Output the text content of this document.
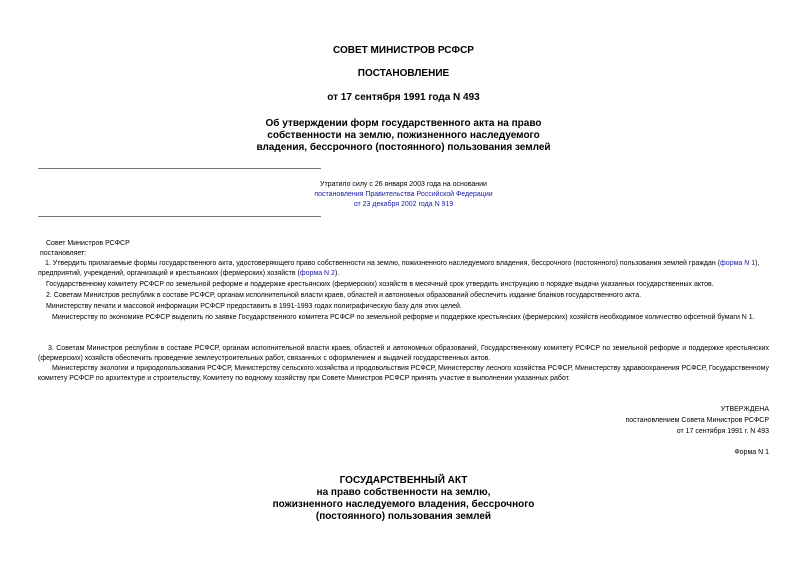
СОВЕТ МИНИСТРОВ РСФСР
ПОСТАНОВЛЕНИЕ
от 17 сентября 1991 года N 493
Об утверждении форм государственного акта на право
собственности на землю, пожизненного наследуемого
владения, бессрочного (постоянного) пользования землей
Утратило силу с 26 января 2003 года на основании
постановления Правительства Российской Федерации
от 23 декабря 2002 года N 919
Совет Министров РСФСР
постановляет:
1. Утвердить прилагаемые формы государственного акта, удостоверяющего право собственности на землю, пожизненного наследуемого владения, бессрочного (постоянного) пользования землей граждан (форма N 1), предприятий, учреждений, организаций и крестьянских (фермерских) хозяйств (форма N 2).
Государственному комитету РСФСР по земельной реформе и поддержке крестьянских (фермерских) хозяйств в месячный срок утвердить инструкцию о порядке выдачи указанных государственных актов.
2. Советам Министров республик в составе РСФСР, органам исполнительной власти краев, областей и автономных образований обеспечить издание бланков государственного акта.
Министерству печати и массовой информации РСФСР предоставить в 1991-1993 годах полиграфическую базу для этих целей.
Министерству по экономике РСФСР выделить по заявке Государственного комитета РСФСР по земельной реформе и поддержке крестьянских (фермерских) хозяйств необходимое количество офсетной бумаги N 1.
3. Советам Министров республик в составе РСФСР, органам исполнительной власти краев, областей и автономных образований, Государственному комитету РСФСР по земельной реформе и поддержке крестьянских (фермерских) хозяйств обеспечить проведение землеустроительных работ, связанных с оформлением и выдачей государственных актов.
Министерству экологии и природопользования РСФСР, Министерству сельского хозяйства и продовольствия РСФСР, Министерству лесного хозяйства РСФСР, Министерству здравоохранения РСФСР, Государственному комитету РСФСР по архитектуре и строительству, Комитету по водному хозяйству при Совете Министров РСФСР принять участие в выполнении указанных работ.
УТВЕРЖДЕНА
постановлением Совета Министров РСФСР
от 17 сентября 1991 г. N 493
Форма N 1
ГОСУДАРСТВЕННЫЙ АКТ
на право собственности на землю,
пожизненного наследуемого владения, бессрочного
(постоянного) пользования землей
